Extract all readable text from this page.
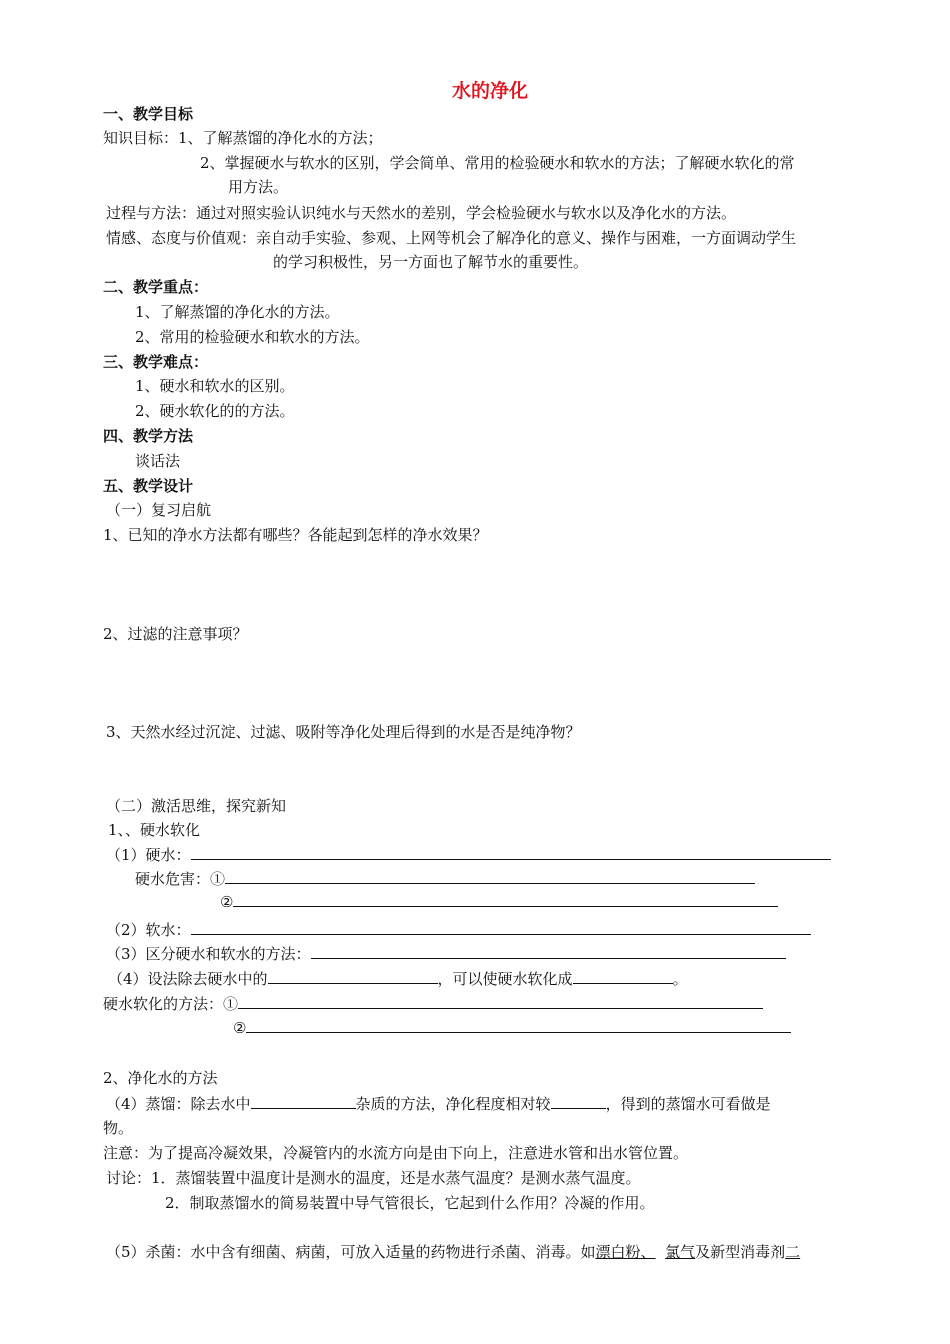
水的净化
一、教学目标
知识目标：1、了解蒸馏的净化水的方法；
2、掌握硬水与软水的区别，学会简单、常用的检验硬水和软水的方法；了解硬水软化的常
用方法。
过程与方法：通过对照实验认识纯水与天然水的差别，学会检验硬水与软水以及净化水的方法。
情感、态度与价值观：亲自动手实验、参观、上网等机会了解净化的意义、操作与困难，一方面调动学生
的学习积极性，另一方面也了解节水的重要性。
二、教学重点：
1、了解蒸馏的净化水的方法。
2、常用的检验硬水和软水的方法。
三、教学难点：
1、硬水和软水的区别。
2、硬水软化的的方法。
四、教学方法
谈话法
五、教学设计
（一）复习启航
1、已知的净水方法都有哪些？各能起到怎样的净水效果？
2、过滤的注意事项？
3、天然水经过沉淀、过滤、吸附等净化处理后得到的水是否是纯净物？
（二）激活思维，探究新知
1、、硬水软化
（1）硬水：
硬水危害：①
②
（2）软水：
（3）区分硬水和软水的方法：
（4）设法除去硬水中的	，可以使硬水软化成	。
硬水软化的方法：①
②
2、净化水的方法
（4）蒸馏：除去水中	杂质的方法，净化程度相对较	，得到的蒸馏水可看做是
物。
注意：为了提高冷凝效果，冷凝管内的水流方向是由下向上，注意进水管和出水管位置。
讨论：1．蒸馏装置中温度计是测水的温度，还是水蒸气温度？是测水蒸气温度。
2．制取蒸馏水的简易装置中导气管很长，它起到什么作用？冷凝的作用。
（5）杀菌：水中含有细菌、病菌，可放入适量的药物进行杀菌、消毒。如漂白粉、 氯气及新型消毒剂二
